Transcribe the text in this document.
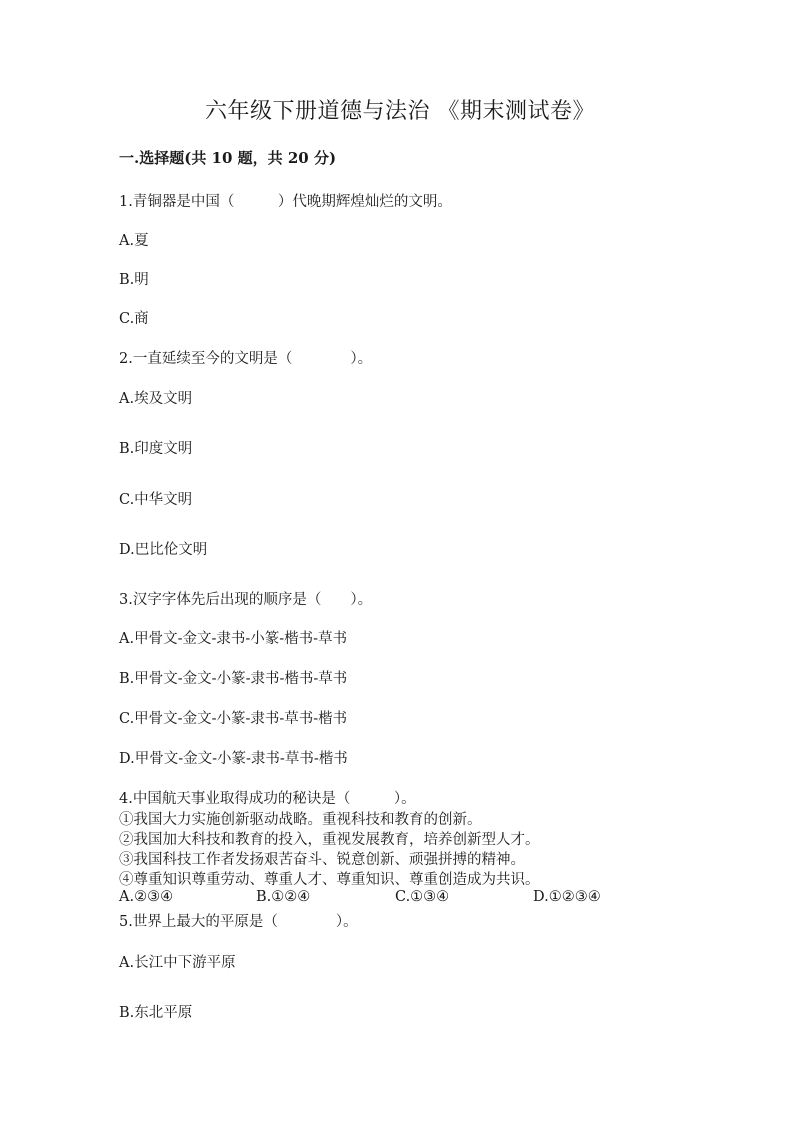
六年级下册道德与法治 《期末测试卷》
一.选择题(共 10 题，共 20 分)
1.青铜器是中国（　　　）代晚期辉煌灿烂的文明。
A.夏
B.明
C.商
2.一直延续至今的文明是（　　　　）。
A.埃及文明
B.印度文明
C.中华文明
D.巴比伦文明
3.汉字字体先后出现的顺序是（　　）。
A.甲骨文-金文-隶书-小篆-楷书-草书
B.甲骨文-金文-小篆-隶书-楷书-草书
C.甲骨文-金文-小篆-隶书-草书-楷书
D.甲骨文-金文-小篆-隶书-草书-楷书
4.中国航天事业取得成功的秘诀是（　　　）。
①我国大力实施创新驱动战略。重视科技和教育的创新。
②我国加大科技和教育的投入，重视发展教育，培养创新型人才。
③我国科技工作者发扬艰苦奋斗、锐意创新、顽强拼搏的精神。
④尊重知识尊重劳动、尊重人才、尊重知识、尊重创造成为共识。
A.②③④	B.①②④	C.①③④	D.①②③④
5.世界上最大的平原是（　　　　）。
A.长江中下游平原
B.东北平原
